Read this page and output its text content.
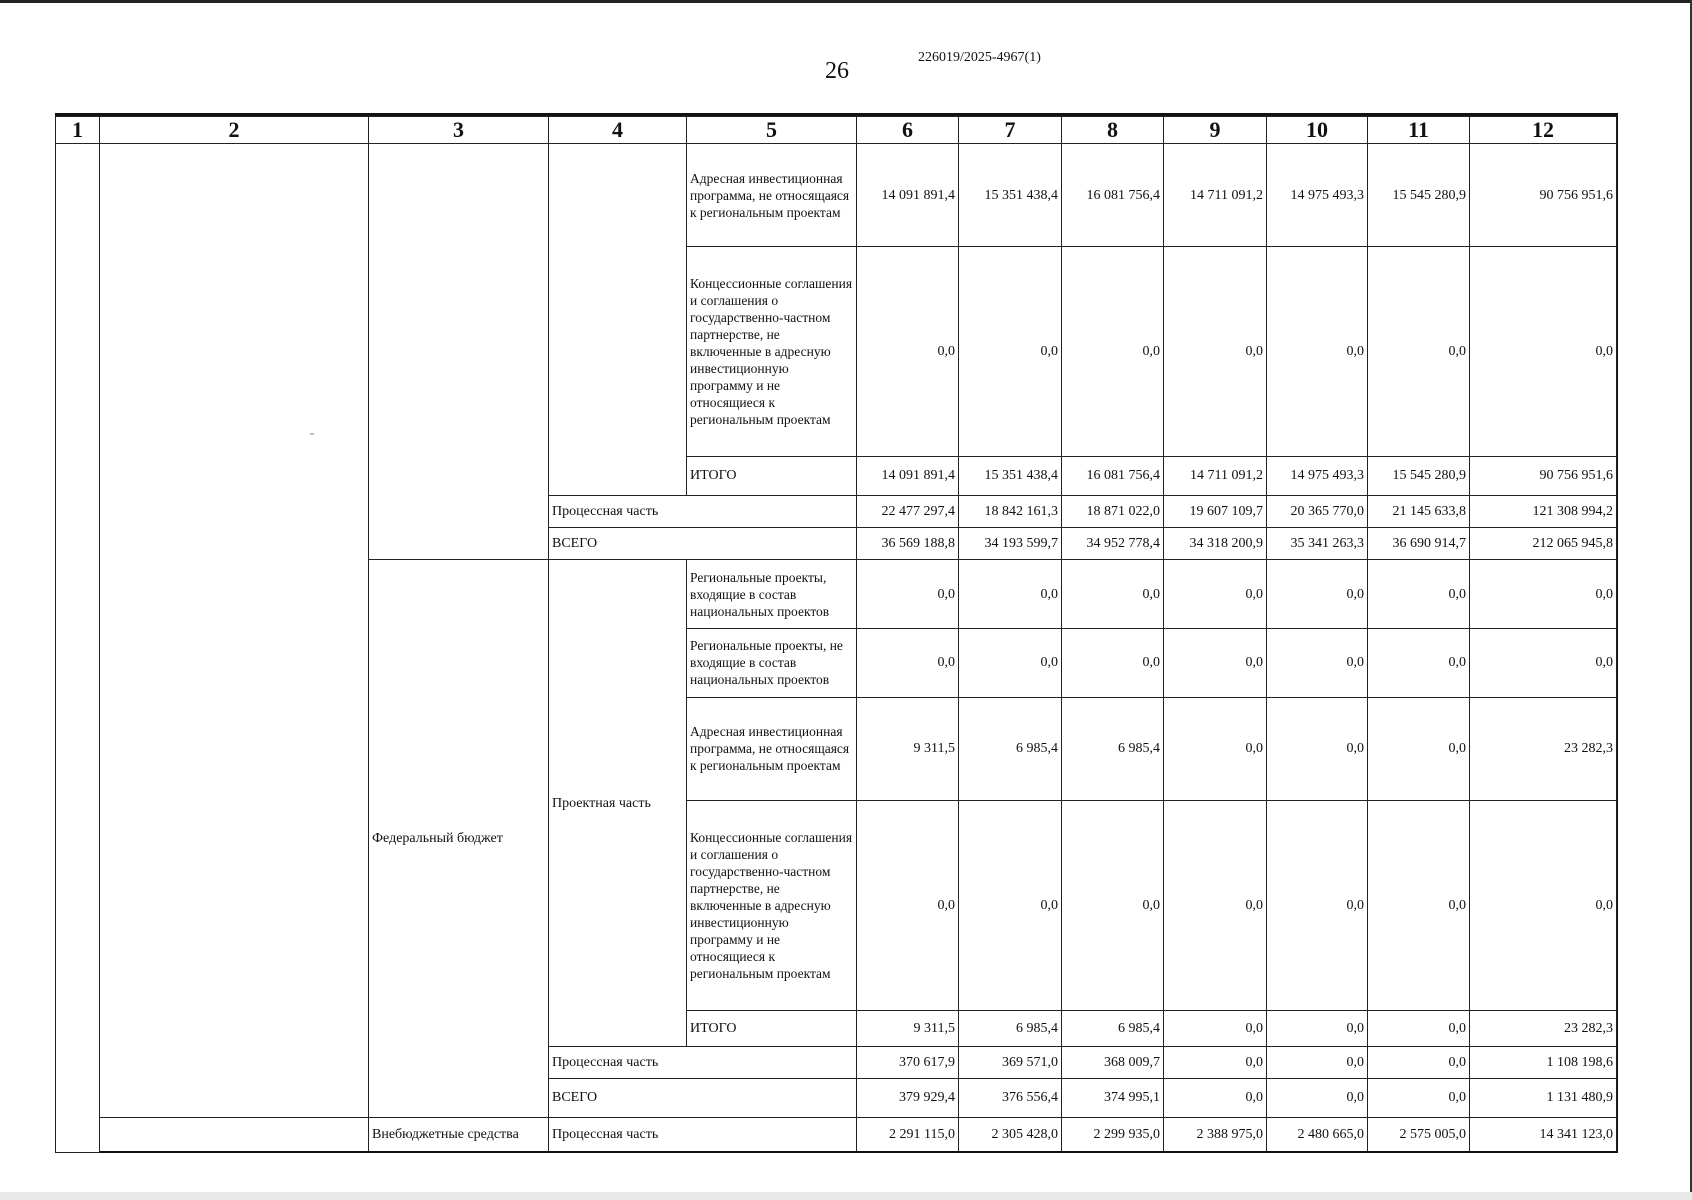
26
226019/2025-4967(1)
1	2	3	4	5	6	7	8	9	10	11	12
				Адресная инвестиционная программа, не относящаяся к региональным проектам	14 091 891,4	15 351 438,4	16 081 756,4	14 711 091,2	14 975 493,3	15 545 280,9	90 756 951,6
				Концессионные соглашения и соглашения о государственно-частном партнерстве, не включенные в адресную инвестиционную программу и не относящиеся к региональным проектам	0,0	0,0	0,0	0,0	0,0	0,0	0,0
				ИТОГО	14 091 891,4	15 351 438,4	16 081 756,4	14 711 091,2	14 975 493,3	15 545 280,9	90 756 951,6
			Процессная часть		22 477 297,4	18 842 161,3	18 871 022,0	19 607 109,7	20 365 770,0	21 145 633,8	121 308 994,2
			ВСЕГО		36 569 188,8	34 193 599,7	34 952 778,4	34 318 200,9	35 341 263,3	36 690 914,7	212 065 945,8
		Федеральный бюджет	Проектная часть	Региональные проекты, входящие в состав национальных проектов	0,0	0,0	0,0	0,0	0,0	0,0	0,0
				Региональные проекты, не входящие в состав национальных проектов	0,0	0,0	0,0	0,0	0,0	0,0	0,0
				Адресная инвестиционная программа, не относящаяся к региональным проектам	9 311,5	6 985,4	6 985,4	0,0	0,0	0,0	23 282,3
				Концессионные соглашения и соглашения о государственно-частном партнерстве, не включенные в адресную инвестиционную программу и не относящиеся к региональным проектам	0,0	0,0	0,0	0,0	0,0	0,0	0,0
				ИТОГО	9 311,5	6 985,4	6 985,4	0,0	0,0	0,0	23 282,3
			Процессная часть		370 617,9	369 571,0	368 009,7	0,0	0,0	0,0	1 108 198,6
			ВСЕГО		379 929,4	376 556,4	374 995,1	0,0	0,0	0,0	1 131 480,9
		Внебюджетные средства	Процессная часть		2 291 115,0	2 305 428,0	2 299 935,0	2 388 975,0	2 480 665,0	2 575 005,0	14 341 123,0
